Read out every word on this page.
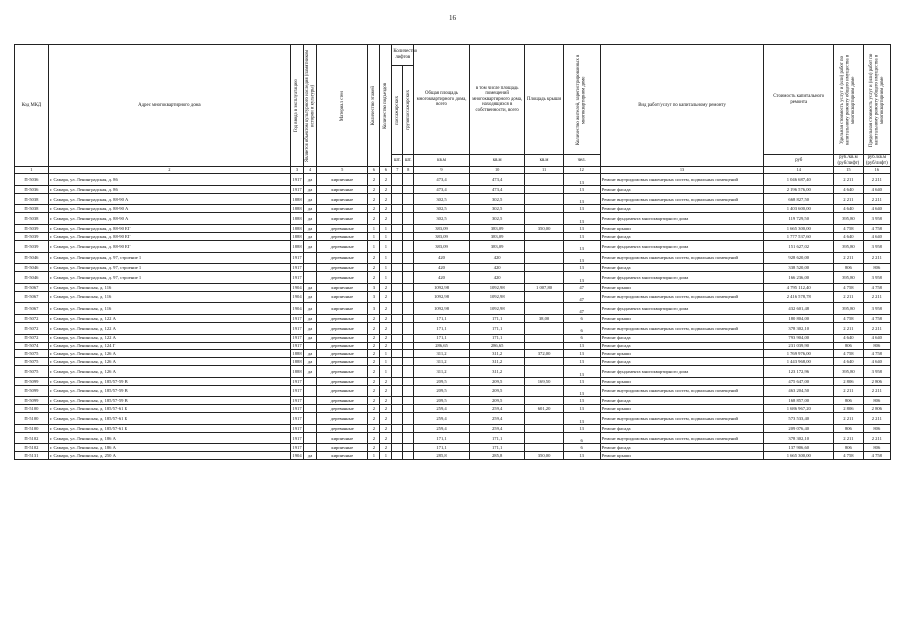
16
Код МКД	Адрес многоквартирного дома	Год ввода в эксплуатацию	Является объектом культурного наследия (памятником истории и культуры)	Материал стен	Количество этажей	Количество подъездов	Количество лифтов		Общая площадь многоквартирного дома, всего	в том числе площадь помещений многоквартирного дома, находящихся в собственности, всего	Площадь крыши	Количество жителей, зарегистрированных в многоквартирном доме	Вид работ/услуг по капитальному ремонту	Стоимость капитального ремонта	Удельная стоимость услуг и (или) работ по капитальному ремонту общего имущества в многоквартирном доме	Предельная стоимость услуг и (или) работ по капитальному ремонту общего имущества в многоквартирном доме

							пассажирских	грузопассажирских								

							шт.	шт.	кв.м	кв.м	кв.м	чел.		руб	руб./кв.м (руб/лифт)	руб./кв.м (руб/лифт)
1	2	3	4	5	6	6	7	8	9	10	11	12	13	14	15	16
П-5036	г. Самара, ул. Ленинградская, д. 86	1917	да	кирпичные	2	2			473,4	473,4		13	Ремонт внутридомовых инженерных систем, подвальных помещений	1 046 687,40	2 211	2 211
П-5036	г. Самара, ул. Ленинградская, д. 86	1917	да	кирпичные	2	2			473,4	473,4		13	Ремонт фасада	2 196 576,00	4 640	4 640
П-5038	г. Самара, ул. Ленинградская, д. 88-90 А	1888	да	кирпичные	2	2			302,5	302,5		13	Ремонт внутридомовых инженерных систем, подвальных помещений	668 827,50	2 211	2 211
П-5038	г. Самара, ул. Ленинградская, д. 88-90 А	1888	да	кирпичные	2	2			302,5	302,5		13	Ремонт фасада	1 403 600,00	4 640	4 640
П-5038	г. Самара, ул. Ленинградская, д. 88-90 А	1888	да	кирпичные	2	2			302,5	302,5		13	Ремонт фундамента многоквартирного дома	119 729,50	395,80	3 958
П-5039	г. Самара, ул. Ленинградская, д. 88-90 ЕГ	1888	да	деревянные	1	1			383,09	383,09	350,00	13	Ремонт крыши	1 665 300,00	4 758	4 758
П-5039	г. Самара, ул. Ленинградская, д. 88-90 ЕГ	1888	да	деревянные	1	1			383,09	383,09		13	Ремонт фасада	1 777 537,60	4 640	4 640
П-5039	г. Самара, ул. Ленинградская, д. 88-90 ЕГ	1888	да	деревянные	1	1			383,09	383,09		13	Ремонт фундамента многоквартирного дома	151 627,02	395,80	3 958
П-5046	г. Самара, ул. Ленинградская, д. 97, строение 1	1917		деревянные	2	1			420	420		13	Ремонт внутридомовых инженерных систем, подвальных помещений	928 620,00	2 211	2 211
П-5046	г. Самара, ул. Ленинградская, д. 97, строение 1	1917		деревянные	2	1			420	420		13	Ремонт фасада	338 520,00	806	806
П-5046	г. Самара, ул. Ленинградская, д. 97, строение 1	1917		деревянные	2	1			420	420		13	Ремонт фундамента многоквартирного дома	166 236,00	395,80	3 958
П-5067	г. Самара, ул. Ленинская, д. 116	1904	да	кирпичные	3	2			1092,98	1092,98	1 007,80	47	Ремонт крыши	4 795 112,40	4 758	4 758
П-5067	г. Самара, ул. Ленинская, д. 116	1904	да	кирпичные	3	2			1092,98	1092,98		47	Ремонт внутридомовых инженерных систем, подвальных помещений	2 416 578,78	2 211	2 211
П-5067	г. Самара, ул. Ленинская, д. 116	1904	да	кирпичные	3	2			1092,98	1092,98		47	Ремонт фундамента многоквартирного дома	432 601,48	395,80	3 958
П-5072	г. Самара, ул. Ленинская, д. 122 А	1917	да	деревянные	2	2			171,1	171,1	38,00	6	Ремонт крыши	180 804,00	4 758	4 758
П-5072	г. Самара, ул. Ленинская, д. 122 А	1917	да	деревянные	2	2			171,1	171,1		6	Ремонт внутридомовых инженерных систем, подвальных помещений	378 302,10	2 211	2 211
П-5072	г. Самара, ул. Ленинская, д. 122 А	1917	да	деревянные	2	2			171,1	171,1		6	Ремонт фасада	793 904,00	4 640	4 640
П-5074	г. Самара, ул. Ленинская, д. 124 Г	1917		деревянные	2	2			286,65	286,65		13	Ремонт фасада	231 039,90	806	806
П-5075	г. Самара, ул. Ленинская, д. 126 А	1888	да	деревянные	2	1			311,2	311,2	372,00	13	Ремонт крыши	1 769 976,00	4 758	4 758
П-5075	г. Самара, ул. Ленинская, д. 126 А	1888	да	деревянные	2	1			311,2	311,2		13	Ремонт фасада	1 443 968,00	4 640	4 640
П-5075	г. Самара, ул. Ленинская, д. 126 А	1888	да	деревянные	2	1			311,2	311,2		13	Ремонт фундамента многоквартирного дома	123 172,96	395,80	3 958
П-5099	г. Самара, ул. Ленинская, д. 185/57-59 В	1917		деревянные	2	2			209,5	209,5	169,50	13	Ремонт крыши	475 647,00	2 806	2 806
П-5099	г. Самара, ул. Ленинская, д. 185/57-59 В	1917		деревянные	2	2			209,5	209,5		13	Ремонт внутридомовых инженерных систем, подвальных помещений	463 204,50	2 211	2 211
П-5099	г. Самара, ул. Ленинская, д. 185/57-59 В	1917		деревянные	2	2			209,5	209,5		13	Ремонт фасада	168 857,00	806	806
П-5100	г. Самара, ул. Ленинская, д. 185/57-61 Б	1917		деревянные	2	2			259,4	259,4	601,20	13	Ремонт крыши	1 686 967,20	2 806	2 806
П-5100	г. Самара, ул. Ленинская, д. 185/57-61 Б	1917		деревянные	2	2			259,4	259,4		13	Ремонт внутридомовых инженерных систем, подвальных помещений	573 533,40	2 211	2 211
П-5100	г. Самара, ул. Ленинская, д. 185/57-61 Б	1917		деревянные	2	2			259,4	259,4		13	Ремонт фасада	209 076,40	806	806
П-5102	г. Самара, ул. Ленинская, д. 186 А	1917		кирпичные	2	2			171,1	171,1		6	Ремонт внутридомовых инженерных систем, подвальных помещений	378 302,10	2 211	2 211
П-5102	г. Самара, ул. Ленинская, д. 186 А	1917		кирпичные	2	2			171,1	171,1		6	Ремонт фасада	137 906,60	806	806
П-5131	г. Самара, ул. Ленинская, д. 250 А	1904	да	кирпичные	1	1			285,8	285,8	350,00	13	Ремонт крыши	1 665 300,00	4 758	4 758
